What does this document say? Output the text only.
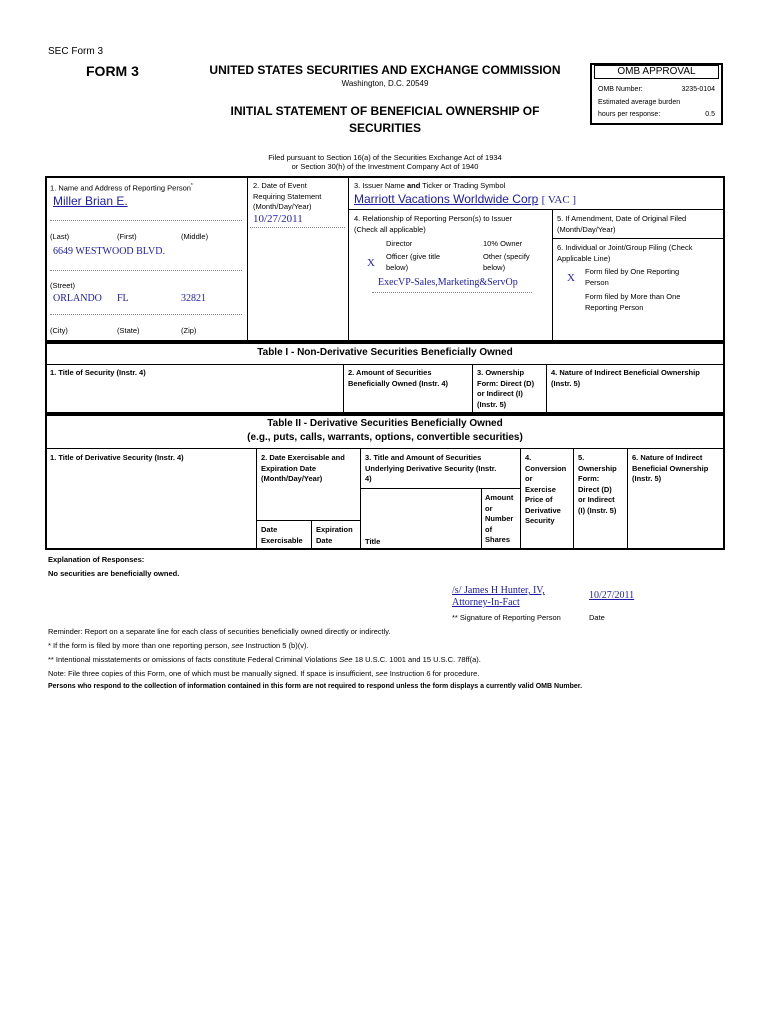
SEC Form 3
FORM 3	UNITED STATES SECURITIES AND EXCHANGE COMMISSION
Washington, D.C. 20549
INITIAL STATEMENT OF BENEFICIAL OWNERSHIP OF
SECURITIES
Filed pursuant to Section 16(a) of the Securities Exchange Act of 1934
or Section 30(h) of the Investment Company Act of 1940
OMB APPROVAL
OMB Number:	3235-0104
Estimated average burden
hours per response:	0.5
1. Name and Address of Reporting Person*
Miller Brian E.
(Last)	(First)	(Middle)
6649 WESTWOOD BLVD.
(Street)
ORLANDO FL	32821
(City)	(State)	(Zip)
2. Date of Event
Requiring Statement
(Month/Day/Year)
10/27/2011
3. Issuer Name and Ticker or Trading Symbol
Marriott Vacations Worldwide Corp [ VAC ]
4. Relationship of Reporting Person(s) to Issuer
(Check all applicable)
Director	10% Owner
X
Officer (give title
below)
Other (specify
below)
ExecVP-Sales,Marketing&ServOp
5. If Amendment, Date of Original Filed
(Month/Day/Year)
6. Individual or Joint/Group Filing (Check
Applicable Line)
X
Form filed by One Reporting
Person
Form filed by More than One
Reporting Person
Table I - Non-Derivative Securities Beneficially Owned
1. Title of Security (Instr. 4)	2. Amount of Securities
Beneficially Owned (Instr. 4)
3. Ownership
Form: Direct (D)
or Indirect (I)
(Instr. 5)
4. Nature of Indirect Beneficial Ownership
(Instr. 5)
Table II - Derivative Securities Beneficially Owned
(e.g., puts, calls, warrants, options, convertible securities)
1. Title of Derivative Security (Instr. 4)	2. Date Exercisable and
Expiration Date
(Month/Day/Year)
Date
Exercisable
Expiration
Date
3. Title and Amount of Securities
Underlying Derivative Security (Instr.
4)
Title
Amount
or
Number
of
Shares
4.
Conversion
or
Exercise
Price of
Derivative
Security
5.
Ownership
Form:
Direct (D)
or Indirect
(I) (Instr. 5)
6. Nature of Indirect
Beneficial Ownership
(Instr. 5)
Explanation of Responses:
No securities are beneficially owned.
/s/ James H Hunter, IV,
Attorney-In-Fact
10/27/2011
** Signature of Reporting Person	Date
Reminder: Report on a separate line for each class of securities beneficially owned directly or indirectly.
* If the form is filed by more than one reporting person, see Instruction 5 (b)(v).
** Intentional misstatements or omissions of facts constitute Federal Criminal Violations See 18 U.S.C. 1001 and 15 U.S.C. 78ff(a).
Note: File three copies of this Form, one of which must be manually signed. If space is insufficient, see Instruction 6 for procedure.
Persons who respond to the collection of information contained in this form are not required to respond unless the form displays a currently valid OMB Number.
